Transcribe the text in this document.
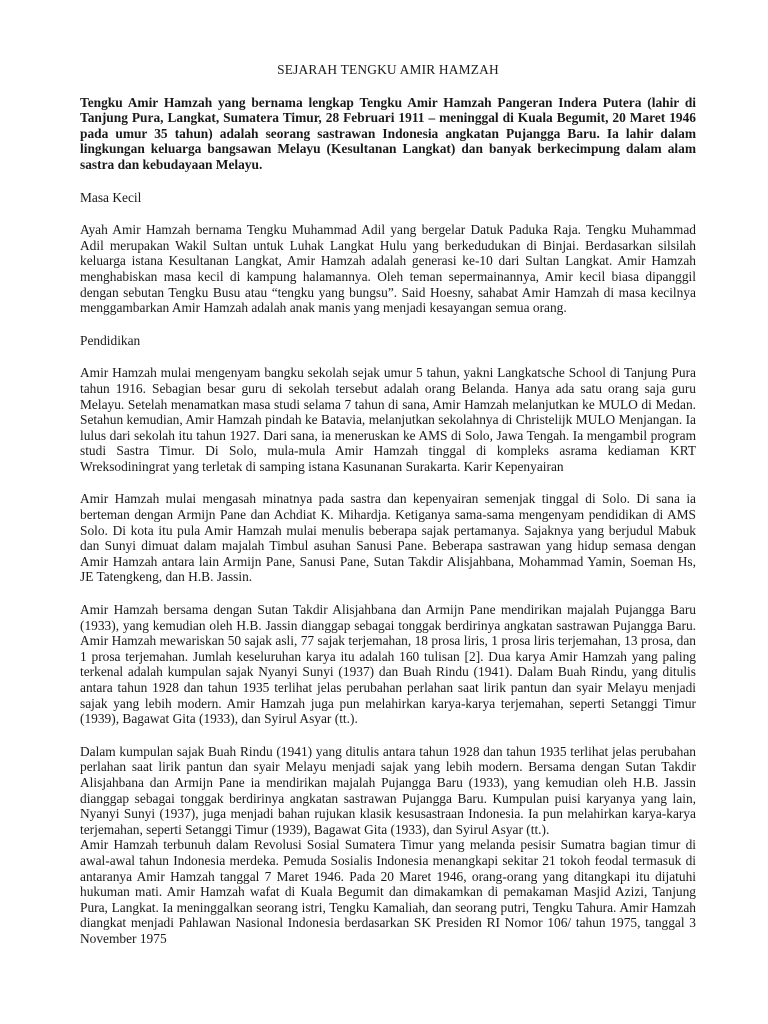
SEJARAH TENGKU AMIR HAMZAH
Tengku Amir Hamzah yang bernama lengkap Tengku Amir Hamzah Pangeran Indera Putera (lahir di Tanjung Pura, Langkat, Sumatera Timur, 28 Februari 1911 – meninggal di Kuala Begumit, 20 Maret 1946 pada umur 35 tahun) adalah seorang sastrawan Indonesia angkatan Pujangga Baru. Ia lahir dalam lingkungan keluarga bangsawan Melayu (Kesultanan Langkat) dan banyak berkecimpung dalam alam sastra dan kebudayaan Melayu.
Masa Kecil
Ayah Amir Hamzah bernama Tengku Muhammad Adil yang bergelar Datuk Paduka Raja. Tengku Muhammad Adil merupakan Wakil Sultan untuk Luhak Langkat Hulu yang berkedudukan di Binjai. Berdasarkan silsilah keluarga istana Kesultanan Langkat, Amir Hamzah adalah generasi ke-10 dari Sultan Langkat. Amir Hamzah menghabiskan masa kecil di kampung halamannya. Oleh teman sepermainannya, Amir kecil biasa dipanggil dengan sebutan Tengku Busu atau “tengku yang bungsu”. Said Hoesny, sahabat Amir Hamzah di masa kecilnya menggambarkan Amir Hamzah adalah anak manis yang menjadi kesayangan semua orang.
Pendidikan
Amir Hamzah mulai mengenyam bangku sekolah sejak umur 5 tahun, yakni Langkatsche School di Tanjung Pura tahun 1916. Sebagian besar guru di sekolah tersebut adalah orang Belanda. Hanya ada satu orang saja guru Melayu. Setelah menamatkan masa studi selama 7 tahun di sana, Amir Hamzah melanjutkan ke MULO di Medan. Setahun kemudian, Amir Hamzah pindah ke Batavia, melanjutkan sekolahnya di Christelijk MULO Menjangan. Ia lulus dari sekolah itu tahun 1927. Dari sana, ia meneruskan ke AMS di Solo, Jawa Tengah. Ia mengambil program studi Sastra Timur. Di Solo, mula-mula Amir Hamzah tinggal di kompleks asrama kediaman KRT Wreksodiningrat yang terletak di samping istana Kasunanan Surakarta. Karir Kepenyairan
Amir Hamzah mulai mengasah minatnya pada sastra dan kepenyairan semenjak tinggal di Solo. Di sana ia berteman dengan Armijn Pane dan Achdiat K. Mihardja. Ketiganya sama-sama mengenyam pendidikan di AMS Solo. Di kota itu pula Amir Hamzah mulai menulis beberapa sajak pertamanya. Sajaknya yang berjudul Mabuk dan Sunyi dimuat dalam majalah Timbul asuhan Sanusi Pane. Beberapa sastrawan yang hidup semasa dengan Amir Hamzah antara lain Armijn Pane, Sanusi Pane, Sutan Takdir Alisjahbana, Mohammad Yamin, Soeman Hs, JE Tatengkeng, dan H.B. Jassin.
Amir Hamzah bersama dengan Sutan Takdir Alisjahbana dan Armijn Pane mendirikan majalah Pujangga Baru (1933), yang kemudian oleh H.B. Jassin dianggap sebagai tonggak berdirinya angkatan sastrawan Pujangga Baru. Amir Hamzah mewariskan 50 sajak asli, 77 sajak terjemahan, 18 prosa liris, 1 prosa liris terjemahan, 13 prosa, dan 1 prosa terjemahan. Jumlah keseluruhan karya itu adalah 160 tulisan [2]. Dua karya Amir Hamzah yang paling terkenal adalah kumpulan sajak Nyanyi Sunyi (1937) dan Buah Rindu (1941). Dalam Buah Rindu, yang ditulis antara tahun 1928 dan tahun 1935 terlihat jelas perubahan perlahan saat lirik pantun dan syair Melayu menjadi sajak yang lebih modern. Amir Hamzah juga pun melahirkan karya-karya terjemahan, seperti Setanggi Timur (1939), Bagawat Gita (1933), dan Syirul Asyar (tt.).
Dalam kumpulan sajak Buah Rindu (1941) yang ditulis antara tahun 1928 dan tahun 1935 terlihat jelas perubahan perlahan saat lirik pantun dan syair Melayu menjadi sajak yang lebih modern. Bersama dengan Sutan Takdir Alisjahbana dan Armijn Pane ia mendirikan majalah Pujangga Baru (1933), yang kemudian oleh H.B. Jassin dianggap sebagai tonggak berdirinya angkatan sastrawan Pujangga Baru. Kumpulan puisi karyanya yang lain, Nyanyi Sunyi (1937), juga menjadi bahan rujukan klasik kesusastraan Indonesia. Ia pun melahirkan karya-karya terjemahan, seperti Setanggi Timur (1939), Bagawat Gita (1933), dan Syirul Asyar (tt.).
Amir Hamzah terbunuh dalam Revolusi Sosial Sumatera Timur yang melanda pesisir Sumatra bagian timur di awal-awal tahun Indonesia merdeka. Pemuda Sosialis Indonesia menangkapi sekitar 21 tokoh feodal termasuk di antaranya Amir Hamzah tanggal 7 Maret 1946. Pada 20 Maret 1946, orang-orang yang ditangkapi itu dijatuhi hukuman mati. Amir Hamzah wafat di Kuala Begumit dan dimakamkan di pemakaman Masjid Azizi, Tanjung Pura, Langkat. Ia meninggalkan seorang istri, Tengku Kamaliah, dan seorang putri, Tengku Tahura. Amir Hamzah diangkat menjadi Pahlawan Nasional Indonesia berdasarkan SK Presiden RI Nomor 106/ tahun 1975, tanggal 3 November 1975
